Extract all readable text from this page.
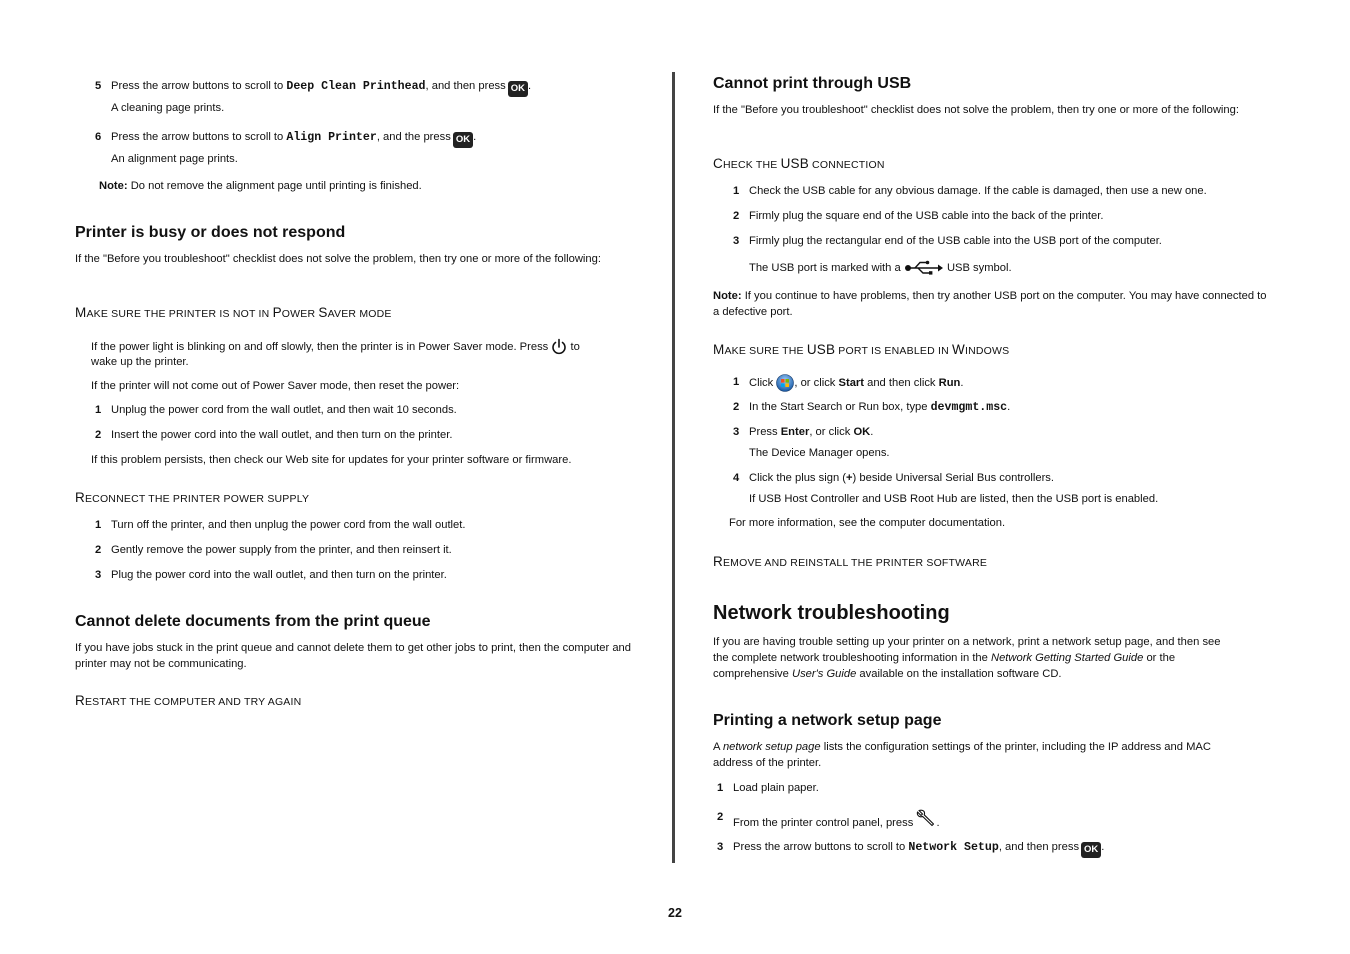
5 Press the arrow buttons to scroll to Deep Clean Printhead, and then press OK .
A cleaning page prints.
6 Press the arrow buttons to scroll to Align Printer, and the press OK .
An alignment page prints.
Note: Do not remove the alignment page until printing is finished.
Printer is busy or does not respond
If the "Before you troubleshoot" checklist does not solve the problem, then try one or more of the following:
MAKE SURE THE PRINTER IS NOT IN POWER SAVER MODE
If the power light is blinking on and off slowly, then the printer is in Power Saver mode. Press to
wake up the printer.
If the printer will not come out of Power Saver mode, then reset the power:
1 Unplug the power cord from the wall outlet, and then wait 10 seconds.
2 Insert the power cord into the wall outlet, and then turn on the printer.
If this problem persists, then check our Web site for updates for your printer software or firmware.
RECONNECT THE PRINTER POWER SUPPLY
1 Turn off the printer, and then unplug the power cord from the wall outlet.
2 Gently remove the power supply from the printer, and then reinsert it.
3 Plug the power cord into the wall outlet, and then turn on the printer.
Cannot delete documents from the print queue
If you have jobs stuck in the print queue and cannot delete them to get other jobs to print, then the computer and printer may not be communicating.
RESTART THE COMPUTER AND TRY AGAIN
Cannot print through USB
If the "Before you troubleshoot" checklist does not solve the problem, then try one or more of the following:
CHECK THE USB CONNECTION
1 Check the USB cable for any obvious damage. If the cable is damaged, then use a new one.
2 Firmly plug the square end of the USB cable into the back of the printer.
3 Firmly plug the rectangular end of the USB cable into the USB port of the computer.
The USB port is marked with a	USB symbol.
Note: If you continue to have problems, then try another USB port on the computer. You may have connected to a defective port.
MAKE SURE THE USB PORT IS ENABLED IN WINDOWS
1 Click , or click Start and then click Run.
2 In the Start Search or Run box, type devmgmt.msc.
3 Press Enter, or click OK.
The Device Manager opens.
4 Click the plus sign (+) beside Universal Serial Bus controllers.
If USB Host Controller and USB Root Hub are listed, then the USB port is enabled.
For more information, see the computer documentation.
REMOVE AND REINSTALL THE PRINTER SOFTWARE
Network troubleshooting
If you are having trouble setting up your printer on a network, print a network setup page, and then see
the complete network troubleshooting information in the Network Getting Started Guide or the
comprehensive User's Guide available on the installation software CD.
Printing a network setup page
A network setup page lists the configuration settings of the printer, including the IP address and MAC
address of the printer.
1 Load plain paper.
2 From the printer control panel, press .
3 Press the arrow buttons to scroll to Network Setup, and then press OK .
22
